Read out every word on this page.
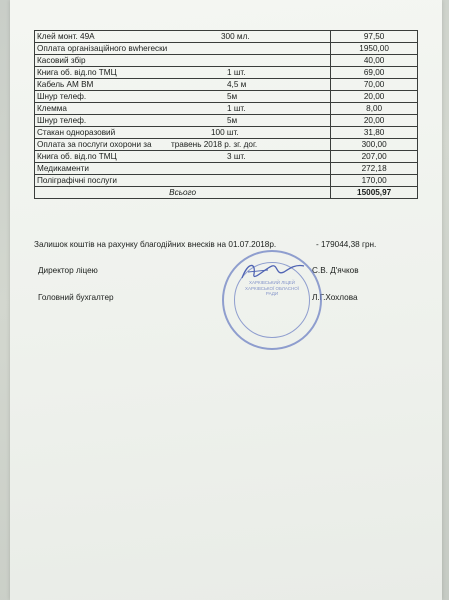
Клей монт. 49А 300 мл.	97,50
Оплата організаційного вwhereски	1950,00
Касовий збір	40,00
Книга об. від.по ТМЦ 1 шт.	69,00
Кабель АМ ВМ 4,5 м	70,00
Шнур телеф. 5м	20,00
Клемма 1 шт.	8,00
Шнур телеф. 5м	20,00
Стакан одноразовий 100 шт.	31,80
Оплата за послуги охорони за травень 2018 р. зг. дог.	300,00
Книга об. від.по ТМЦ 3 шт.	207,00
Медикаменти	272,18
Поліграфічні послуги	170,00
Всього	15005,97
Залишок коштів на рахунку благодійних внесків на 01.07.2018р.	- 179044,38 грн.
Директор ліцею	С.В. Д'ячков
Головний бухгалтер	Л.Г.Хохлова
ХАРКІВСЬКИЙ ЛІЦЕЙ ХАРКІВСЬКОЇ ОБЛАСНОЇ РАДИ
